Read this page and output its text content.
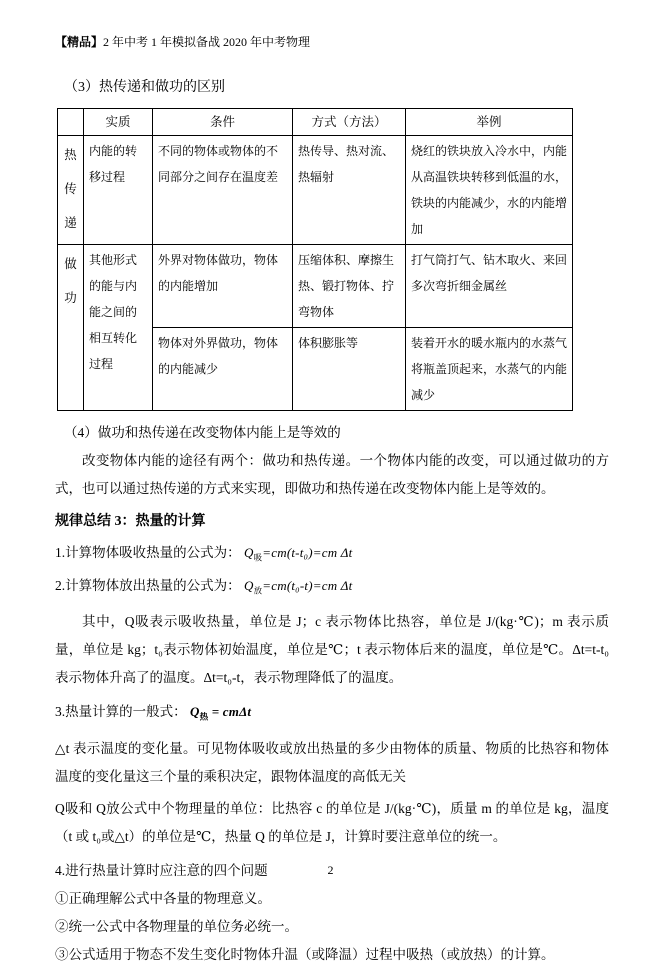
【精品】2 年中考 1 年模拟备战 2020 年中考物理
（3）热传递和做功的区别
	实质	条件	方式（方法）	举例

热传递	内能的转移过程	不同的物体或物体的不同部分之间存在温度差	热传导、热对流、热辐射	烧红的铁块放入冷水中，内能从高温铁块转移到低温的水，铁块的内能减少，水的内能增加

做功	其他形式的能与内能之间的相互转化过程	外界对物体做功，物体的内能增加	压缩体积、摩擦生热、锻打物体、拧弯物体	打气筒打气、钻木取火、来回多次弯折细金属丝
		物体对外界做功，物体的内能减少	体积膨胀等	装着开水的暖水瓶内的水蒸气将瓶盖顶起来，水蒸气的内能减少
（4）做功和热传递在改变物体内能上是等效的

改变物体内能的途径有两个：做功和热传递。一个物体内能的改变，可以通过做功的方式，也可以通过热传递的方式来实现，即做功和热传递在改变物体内能上是等效的。

规律总结 3：热量的计算

1.计算物体吸收热量的公式为： $Q_吸=cm(t-t_0)=cm$ Δt

2.计算物体放出热量的公式为： $Q_放=cm(t_0-t)=cm$ Δt

其中，Q吸表示吸收热量，单位是 J；c 表示物体比热容，单位是 J/(kg·℃)；m 表示质量，单位是 kg；t₀表示物体初始温度，单位是℃；t 表示物体后来的温度，单位是℃。Δt=t-t₀表示物体升高了的温度。Δt=t₀-t，表示物理降低了的温度。

3.热量计算的一般式： $Q_热 = cm\Delta t$

△t 表示温度的变化量。可见物体吸收或放出热量的多少由物体的质量、物质的比热容和物体温度的变化量这三个量的乘积决定，跟物体温度的高低无关

Q吸和 Q放公式中个物理量的单位：比热容 c 的单位是 J/(kg·℃)，质量 m 的单位是 kg，温度（t 或 t₀或△t）的单位是℃，热量 Q 的单位是 J，计算时要注意单位的统一。

4.进行热量计算时应注意的四个问题

①正确理解公式中各量的物理意义。

②统一公式中各物理量的单位务必统一。

③公式适用于物态不发生变化时物体升温（或降温）过程中吸热（或放热）的计算。

2
